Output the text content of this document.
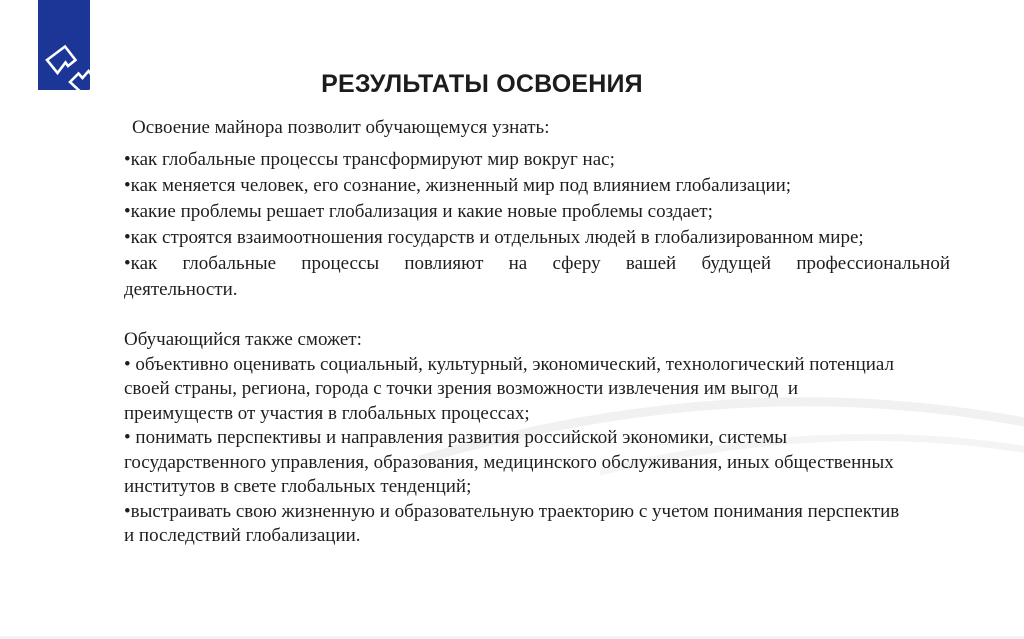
РЕЗУЛЬТАТЫ ОСВОЕНИЯ
Освоение майнора позволит обучающемуся узнать:
•как глобальные процессы трансформируют мир вокруг нас;
•как меняется человек, его сознание, жизненный мир под влиянием глобализации;
•какие проблемы решает глобализация и какие новые проблемы создает;
•как строятся взаимоотношения государств и отдельных людей в глобализированном мире;
•как глобальные процессы повлияют на сферу вашей будущей профессиональной
деятельности.
Обучающийся также сможет:
• объективно оценивать социальный, культурный, экономический, технологический потенциал
своей страны, региона, города с точки зрения возможности извлечения им выгод  и
преимуществ от участия в глобальных процессах;
• понимать перспективы и направления развития российской экономики, системы
государственного управления, образования, медицинского обслуживания, иных общественных
институтов в свете глобальных тенденций;
•выстраивать свою жизненную и образовательную траекторию с учетом понимания перспектив
и последствий глобализации.
